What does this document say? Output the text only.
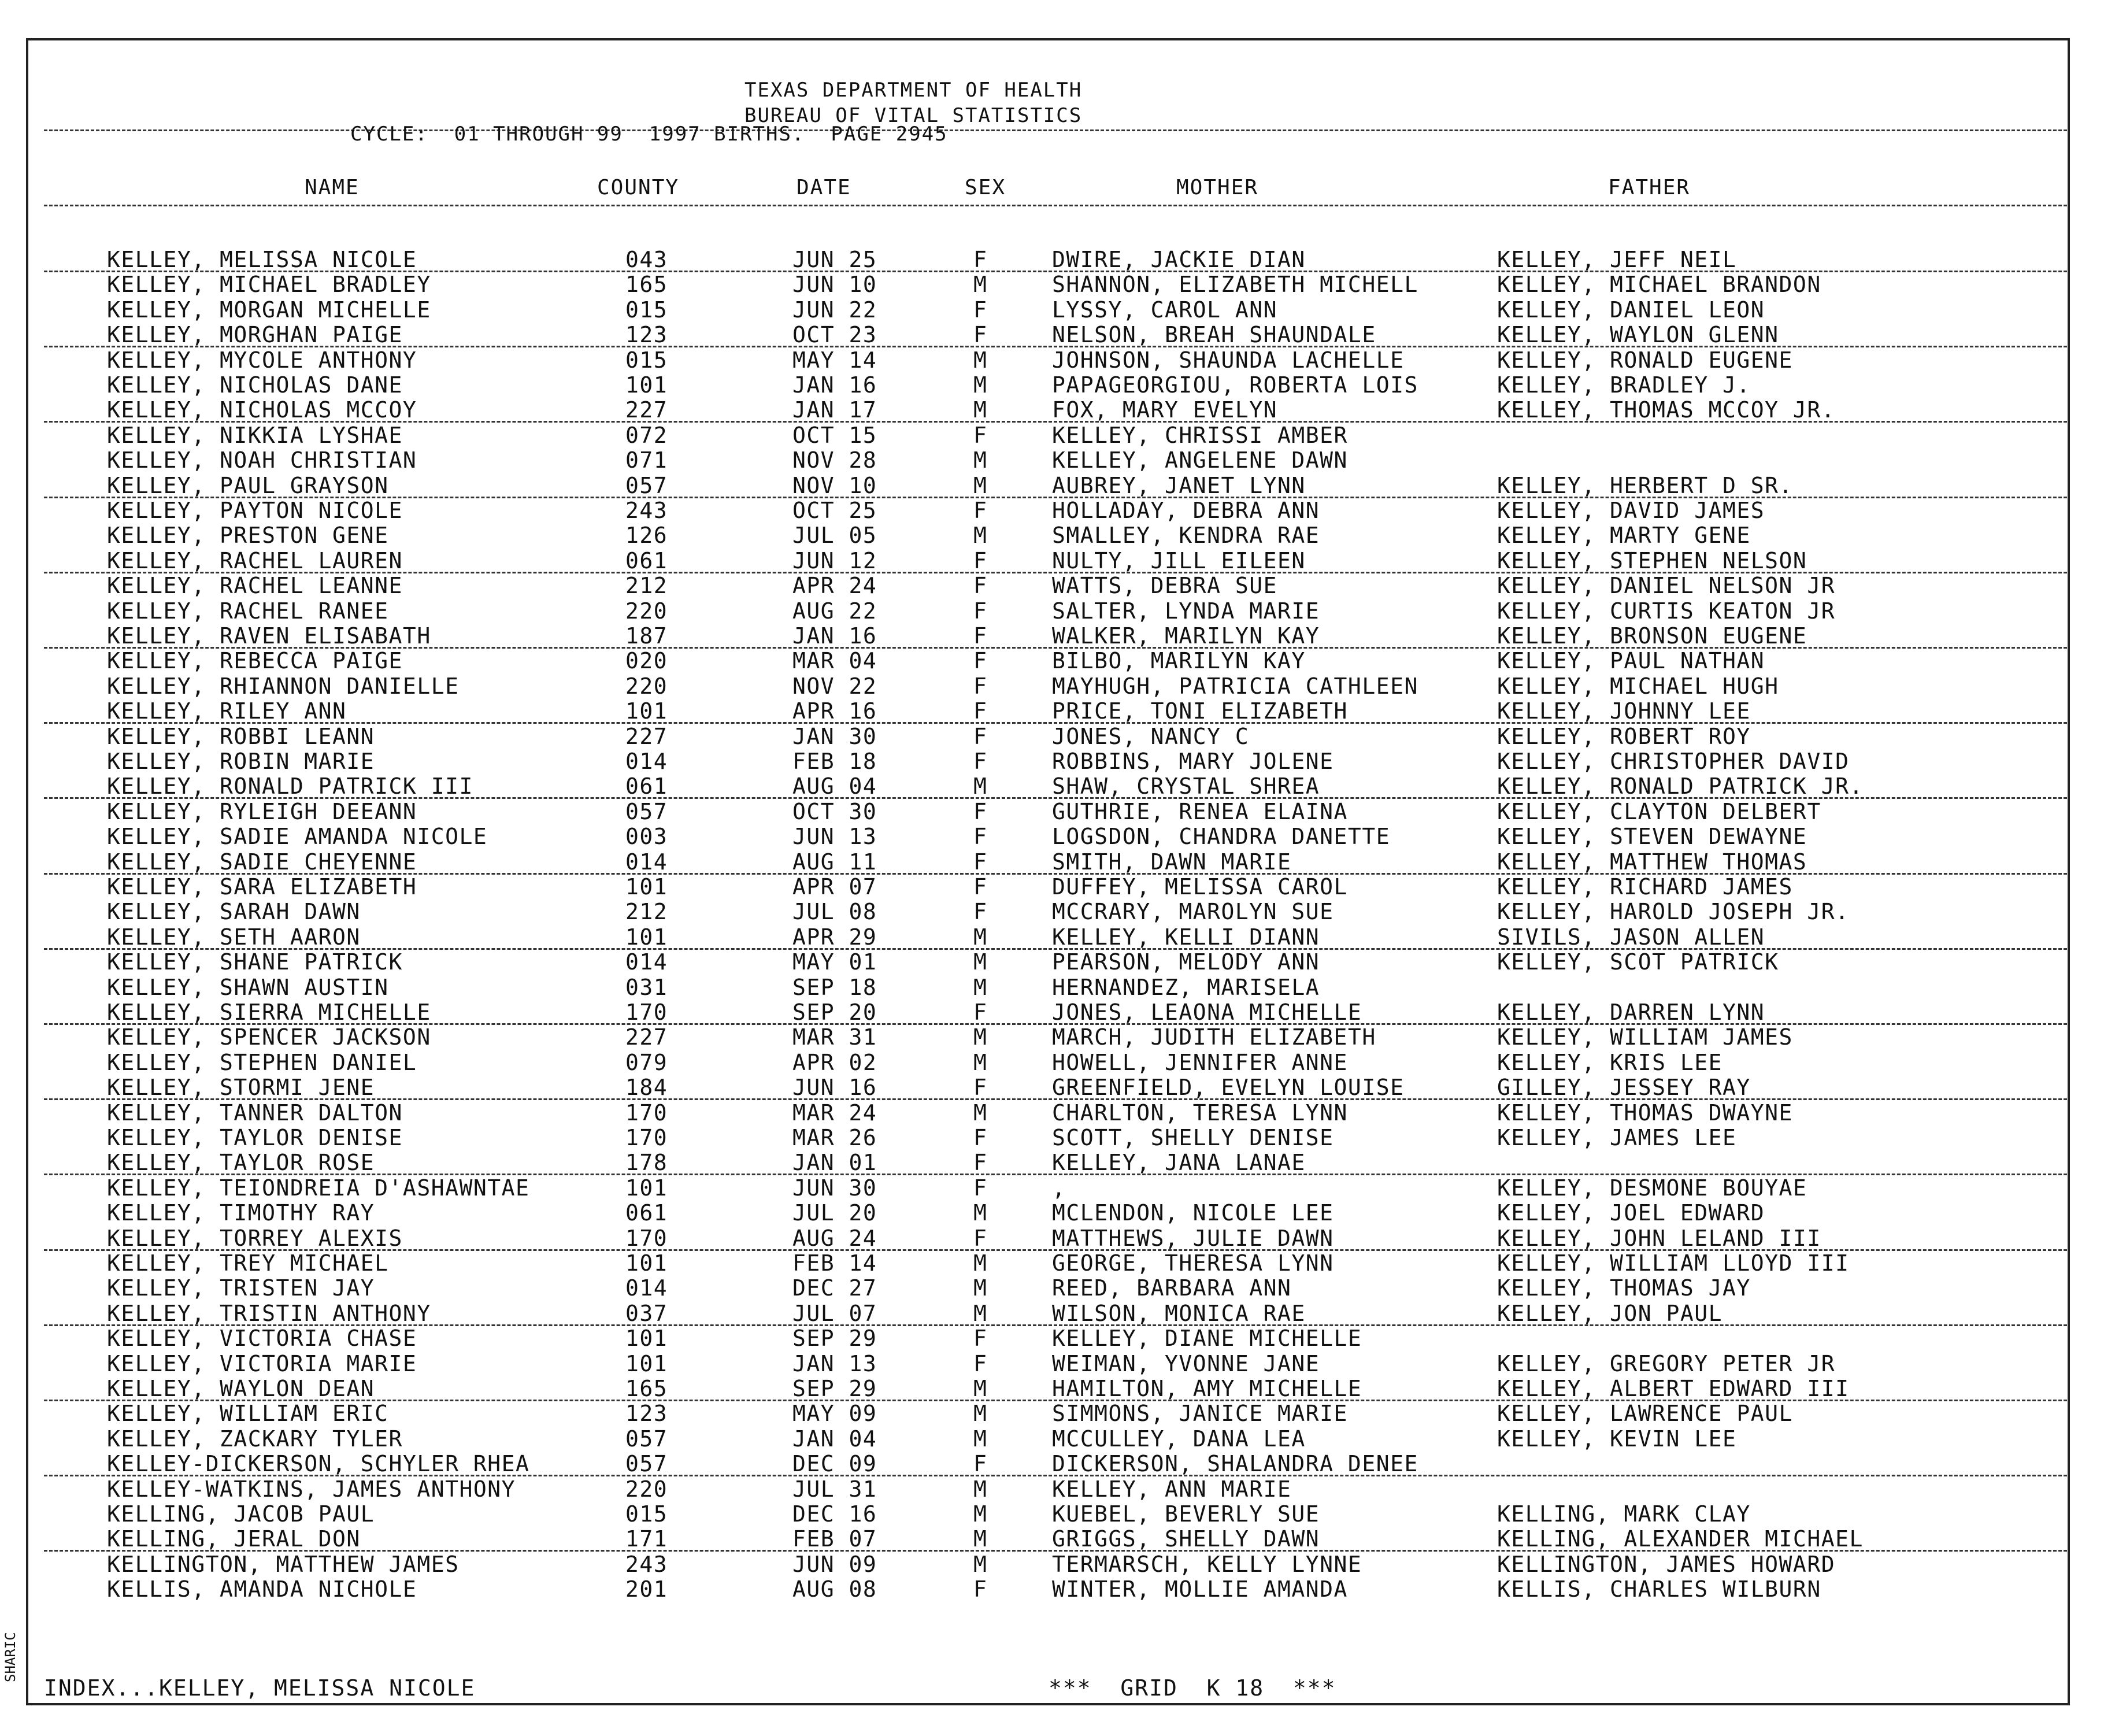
TEXAS DEPARTMENT OF HEALTH
BUREAU OF VITAL STATISTICS
CYCLE:  01 THROUGH 99  1997 BIRTHS.  PAGE 2945
NAME	COUNTY	DATE	SEX	MOTHER	FATHER
KELLEY, MELISSA NICOLE	043	JUN 25	F	DWIRE, JACKIE DIAN	KELLEY, JEFF NEIL
KELLEY, MICHAEL BRADLEY	165	JUN 10	M	SHANNON, ELIZABETH MICHELL	KELLEY, MICHAEL BRANDON
KELLEY, MORGAN MICHELLE	015	JUN 22	F	LYSSY, CAROL ANN	KELLEY, DANIEL LEON
KELLEY, MORGHAN PAIGE	123	OCT 23	F	NELSON, BREAH SHAUNDALE	KELLEY, WAYLON GLENN
KELLEY, MYCOLE ANTHONY	015	MAY 14	M	JOHNSON, SHAUNDA LACHELLE	KELLEY, RONALD EUGENE
KELLEY, NICHOLAS DANE	101	JAN 16	M	PAPAGEORGIOU, ROBERTA LOIS	KELLEY, BRADLEY J.
KELLEY, NICHOLAS MCCOY	227	JAN 17	M	FOX, MARY EVELYN	KELLEY, THOMAS MCCOY JR.
KELLEY, NIKKIA LYSHAE	072	OCT 15	F	KELLEY, CHRISSI AMBER
KELLEY, NOAH CHRISTIAN	071	NOV 28	M	KELLEY, ANGELENE DAWN
KELLEY, PAUL GRAYSON	057	NOV 10	M	AUBREY, JANET LYNN	KELLEY, HERBERT D SR.
KELLEY, PAYTON NICOLE	243	OCT 25	F	HOLLADAY, DEBRA ANN	KELLEY, DAVID JAMES
KELLEY, PRESTON GENE	126	JUL 05	M	SMALLEY, KENDRA RAE	KELLEY, MARTY GENE
KELLEY, RACHEL LAUREN	061	JUN 12	F	NULTY, JILL EILEEN	KELLEY, STEPHEN NELSON
KELLEY, RACHEL LEANNE	212	APR 24	F	WATTS, DEBRA SUE	KELLEY, DANIEL NELSON JR
KELLEY, RACHEL RANEE	220	AUG 22	F	SALTER, LYNDA MARIE	KELLEY, CURTIS KEATON JR
KELLEY, RAVEN ELISABATH	187	JAN 16	F	WALKER, MARILYN KAY	KELLEY, BRONSON EUGENE
KELLEY, REBECCA PAIGE	020	MAR 04	F	BILBO, MARILYN KAY	KELLEY, PAUL NATHAN
KELLEY, RHIANNON DANIELLE	220	NOV 22	F	MAYHUGH, PATRICIA CATHLEEN	KELLEY, MICHAEL HUGH
KELLEY, RILEY ANN	101	APR 16	F	PRICE, TONI ELIZABETH	KELLEY, JOHNNY LEE
KELLEY, ROBBI LEANN	227	JAN 30	F	JONES, NANCY C	KELLEY, ROBERT ROY
KELLEY, ROBIN MARIE	014	FEB 18	F	ROBBINS, MARY JOLENE	KELLEY, CHRISTOPHER DAVID
KELLEY, RONALD PATRICK III	061	AUG 04	M	SHAW, CRYSTAL SHREA	KELLEY, RONALD PATRICK JR.
KELLEY, RYLEIGH DEEANN	057	OCT 30	F	GUTHRIE, RENEA ELAINA	KELLEY, CLAYTON DELBERT
KELLEY, SADIE AMANDA NICOLE	003	JUN 13	F	LOGSDON, CHANDRA DANETTE	KELLEY, STEVEN DEWAYNE
KELLEY, SADIE CHEYENNE	014	AUG 11	F	SMITH, DAWN MARIE	KELLEY, MATTHEW THOMAS
KELLEY, SARA ELIZABETH	101	APR 07	F	DUFFEY, MELISSA CAROL	KELLEY, RICHARD JAMES
KELLEY, SARAH DAWN	212	JUL 08	F	MCCRARY, MAROLYN SUE	KELLEY, HAROLD JOSEPH JR.
KELLEY, SETH AARON	101	APR 29	M	KELLEY, KELLI DIANN	SIVILS, JASON ALLEN
KELLEY, SHANE PATRICK	014	MAY 01	M	PEARSON, MELODY ANN	KELLEY, SCOT PATRICK
KELLEY, SHAWN AUSTIN	031	SEP 18	M	HERNANDEZ, MARISELA
KELLEY, SIERRA MICHELLE	170	SEP 20	F	JONES, LEAONA MICHELLE	KELLEY, DARREN LYNN
KELLEY, SPENCER JACKSON	227	MAR 31	M	MARCH, JUDITH ELIZABETH	KELLEY, WILLIAM JAMES
KELLEY, STEPHEN DANIEL	079	APR 02	M	HOWELL, JENNIFER ANNE	KELLEY, KRIS LEE
KELLEY, STORMI JENE	184	JUN 16	F	GREENFIELD, EVELYN LOUISE	GILLEY, JESSEY RAY
KELLEY, TANNER DALTON	170	MAR 24	M	CHARLTON, TERESA LYNN	KELLEY, THOMAS DWAYNE
KELLEY, TAYLOR DENISE	170	MAR 26	F	SCOTT, SHELLY DENISE	KELLEY, JAMES LEE
KELLEY, TAYLOR ROSE	178	JAN 01	F	KELLEY, JANA LANAE
KELLEY, TEIONDREIA D'ASHAWNTAE	101	JUN 30	F	,	KELLEY, DESMONE BOUYAE
KELLEY, TIMOTHY RAY	061	JUL 20	M	MCLENDON, NICOLE LEE	KELLEY, JOEL EDWARD
KELLEY, TORREY ALEXIS	170	AUG 24	F	MATTHEWS, JULIE DAWN	KELLEY, JOHN LELAND III
KELLEY, TREY MICHAEL	101	FEB 14	M	GEORGE, THERESA LYNN	KELLEY, WILLIAM LLOYD III
KELLEY, TRISTEN JAY	014	DEC 27	M	REED, BARBARA ANN	KELLEY, THOMAS JAY
KELLEY, TRISTIN ANTHONY	037	JUL 07	M	WILSON, MONICA RAE	KELLEY, JON PAUL
KELLEY, VICTORIA CHASE	101	SEP 29	F	KELLEY, DIANE MICHELLE
KELLEY, VICTORIA MARIE	101	JAN 13	F	WEIMAN, YVONNE JANE	KELLEY, GREGORY PETER JR
KELLEY, WAYLON DEAN	165	SEP 29	M	HAMILTON, AMY MICHELLE	KELLEY, ALBERT EDWARD III
KELLEY, WILLIAM ERIC	123	MAY 09	M	SIMMONS, JANICE MARIE	KELLEY, LAWRENCE PAUL
KELLEY, ZACKARY TYLER	057	JAN 04	M	MCCULLEY, DANA LEA	KELLEY, KEVIN LEE
KELLEY-DICKERSON, SCHYLER RHEA	057	DEC 09	F	DICKERSON, SHALANDRA DENEE
KELLEY-WATKINS, JAMES ANTHONY	220	JUL 31	M	KELLEY, ANN MARIE
KELLING, JACOB PAUL	015	DEC 16	M	KUEBEL, BEVERLY SUE	KELLING, MARK CLAY
KELLING, JERAL DON	171	FEB 07	M	GRIGGS, SHELLY DAWN	KELLING, ALEXANDER MICHAEL
KELLINGTON, MATTHEW JAMES	243	JUN 09	M	TERMARSCH, KELLY LYNNE	KELLINGTON, JAMES HOWARD
KELLIS, AMANDA NICHOLE	201	AUG 08	F	WINTER, MOLLIE AMANDA	KELLIS, CHARLES WILBURN
INDEX...KELLEY, MELISSA NICOLE	***  GRID  K 18  ***
SHARIC
